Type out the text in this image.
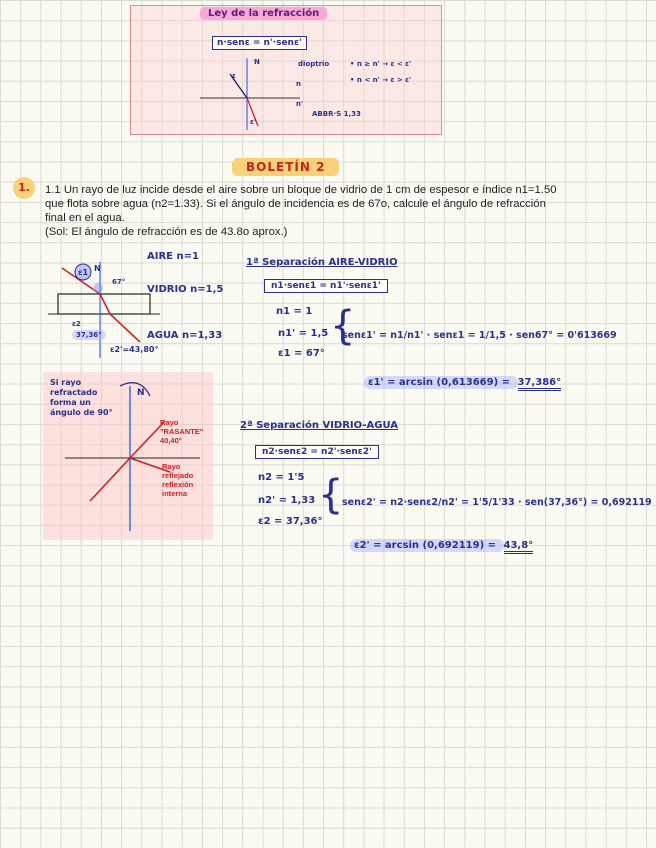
Ley de la refracción
n·senε = n'·senε'
N
ε
ε'
dioptrio
n
n'
• n ≥ n' → ε < ε'
• n < n' → ε > ε'
ABBR·S 1,33
BOLETÍN 2
1.	1.1 Un rayo de luz incide desde el aire sobre un bloque de vidrio de 1 cm de espesor e índice n1=1.50
que flota sobre agua (n2=1.33). Si el ángulo de incidencia es de 67o, calcule el ángulo de refracción
final en el agua.
(Sol: El ángulo de refracción es de 43.8o aprox.)
AIRE n=1
VIDRIO n=1,5
AGUA n=1,33
ε1 N
67°
ε2
37,36°
ε2'=43,80°
Si rayo refractado forma un ángulo de 90°
N
Rayo "RASANTE" 40,40°
Rayo reflejado reflexión interna
1ª Separación AIRE-VIDRIO
n1·senε1 = n1'·senε1'
n1 = 1
n1' = 1,5
ε1 = 67°
{
senε1' = n1/n1' · senε1 = 1/1,5 · sen67° = 0'613669
ε1' = arcsin (0,613669) = 37,386°
2ª Separación VIDRIO-AGUA
n2·senε2 = n2'·senε2'
n2 = 1'5
n2' = 1,33
ε2 = 37,36°
{
senε2' = n2·senε2/n2' = 1'5/1'33 · sen(37,36°) = 0,692119
ε2' = arcsin (0,692119) = 43,8°
